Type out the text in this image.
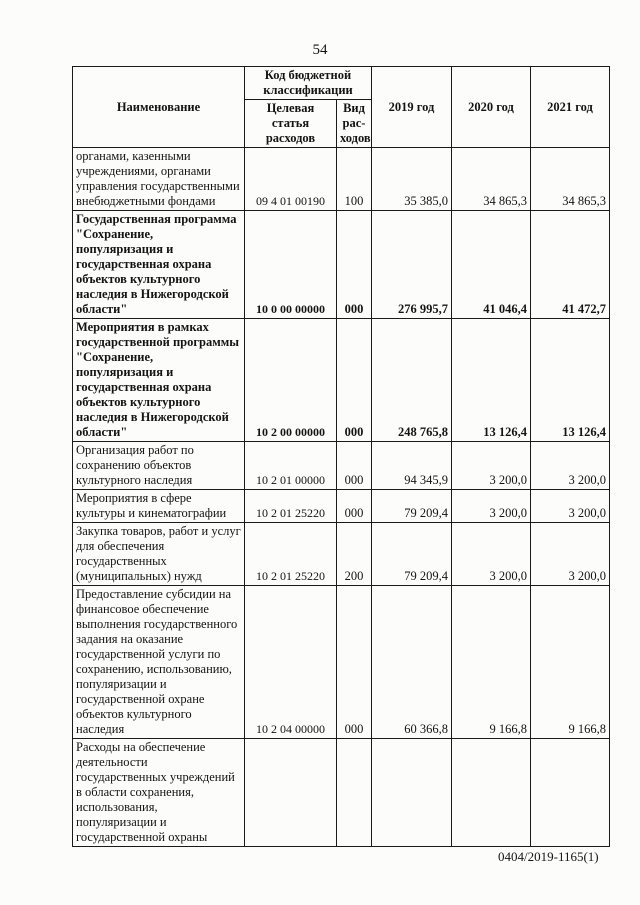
54
Наименование	Код бюджетной классификации		2019 год	2020 год	2021 год
	Целевая статья расходов	Вид рас-ходов			
органами, казенными учреждениями, органами управления государственными внебюджетными фондами	09 4 01 00190	100	35 385,0	34 865,3	34 865,3
Государственная программа "Сохранение, популяризация и государственная охрана объектов культурного наследия в Нижегородской области"	10 0 00 00000	000	276 995,7	41 046,4	41 472,7
Мероприятия в рамках государственной программы "Сохранение, популяризация и государственная охрана объектов культурного наследия в Нижегородской области"	10 2 00 00000	000	248 765,8	13 126,4	13 126,4
Организация работ по сохранению объектов культурного наследия	10 2 01 00000	000	94 345,9	3 200,0	3 200,0
Мероприятия в сфере культуры и кинематографии	10 2 01 25220	000	79 209,4	3 200,0	3 200,0
Закупка товаров, работ и услуг для обеспечения государственных (муниципальных) нужд	10 2 01 25220	200	79 209,4	3 200,0	3 200,0
Предоставление субсидии на финансовое обеспечение выполнения государственного задания на оказание государственной услуги по сохранению, использованию, популяризации и государственной охране объектов культурного наследия	10 2 04 00000	000	60 366,8	9 166,8	9 166,8
Расходы на обеспечение деятельности государственных учреждений в области сохранения, использования, популяризации и государственной охраны					
0404/2019-1165(1)
